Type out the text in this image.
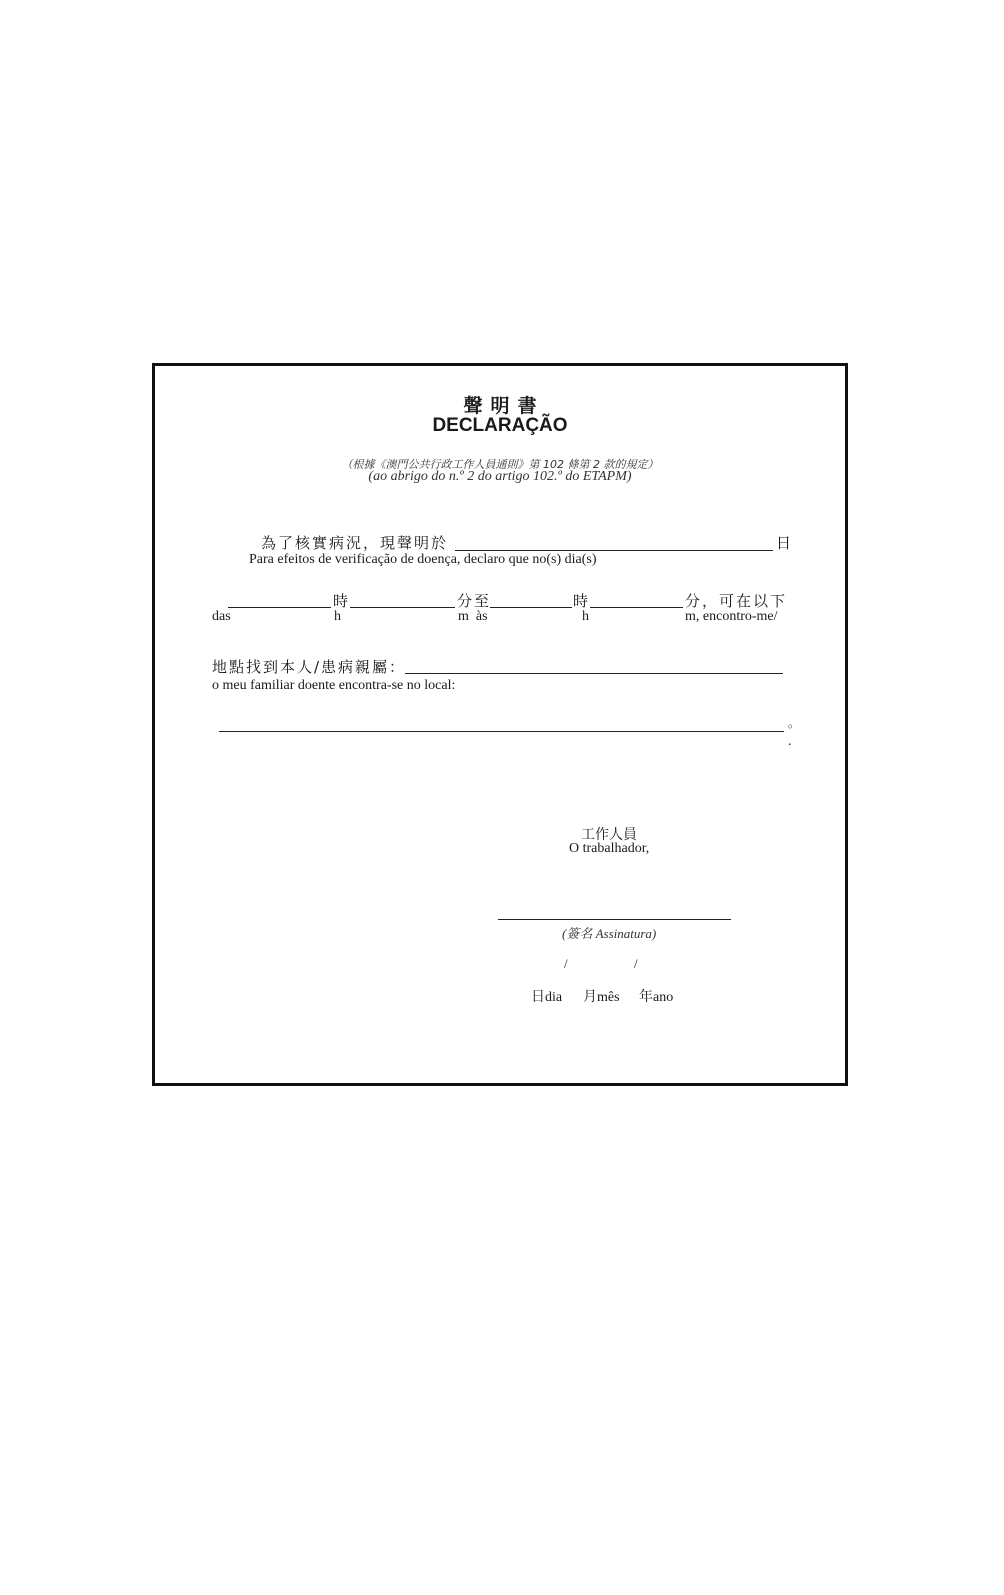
聲明書
DECLARAÇÃO
（根據《澳門公共行政工作人員通則》第 102 條第 2 款的規定）
(ao abrigo do n.º 2 do artigo 102.º do ETAPM)
為了核實病況，現聲明於	日
Para efeitos de verificação de doença, declaro que no(s) dia(s)
時	分至	時	分，可在以下
das	h	m  às	h	m, encontro-me/
地點找到本人/患病親屬：
o meu familiar doente encontra-se no local:
。
.
工作人員
O trabalhador,
(簽名 Assinatura)
/	/
日dia 月mês 年ano
